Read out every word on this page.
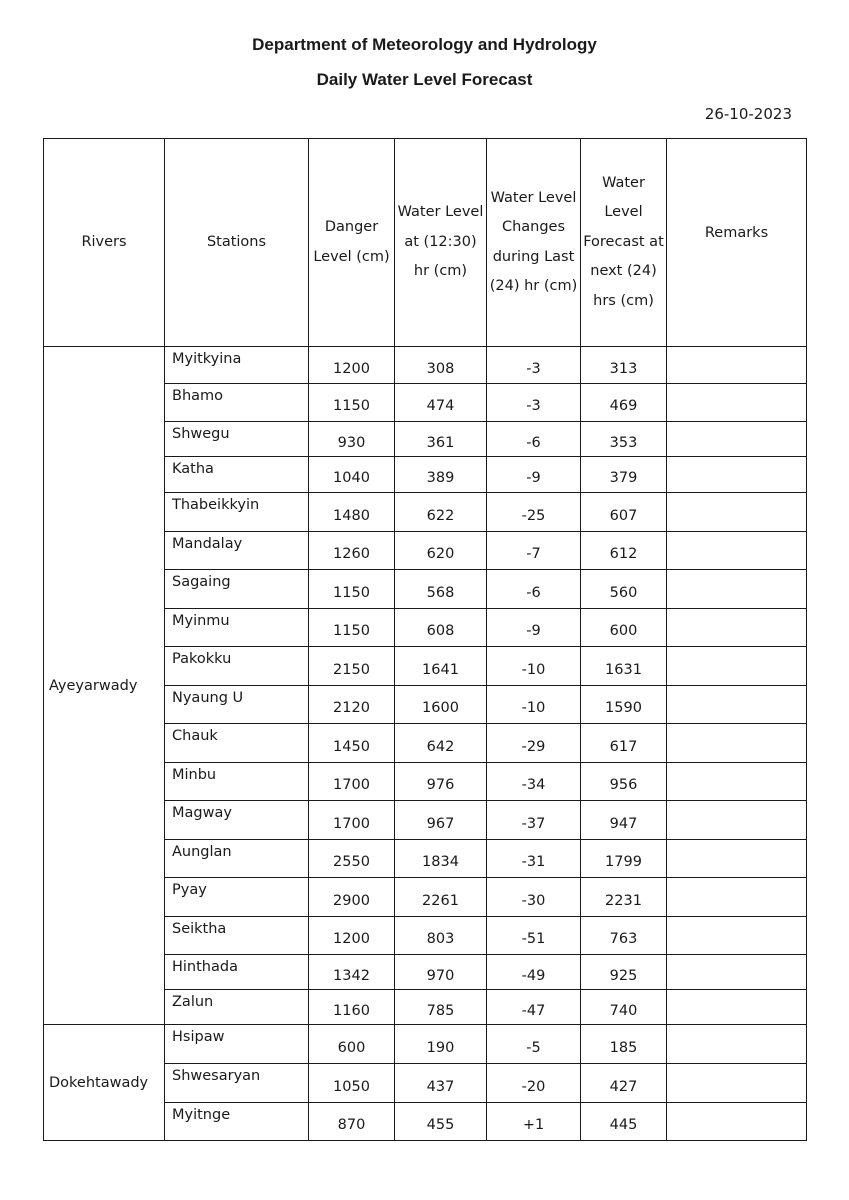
Department of Meteorology and Hydrology
Daily Water Level Forecast
26-10-2023
Rivers	Stations	Danger Level (cm)	Water Level at (12:30) hr (cm)	Water Level Changes during Last (24) hr (cm)	Water Level Forecast at next (24) hrs (cm)	Remarks
Ayeyarwady	Myitkyina	1200	308	-3	313	
	Bhamo	1150	474	-3	469	
	Shwegu	930	361	-6	353	
	Katha	1040	389	-9	379	
	Thabeikkyin	1480	622	-25	607	
	Mandalay	1260	620	-7	612	
	Sagaing	1150	568	-6	560	
	Myinmu	1150	608	-9	600	
	Pakokku	2150	1641	-10	1631	
	Nyaung U	2120	1600	-10	1590	
	Chauk	1450	642	-29	617	
	Minbu	1700	976	-34	956	
	Magway	1700	967	-37	947	
	Aunglan	2550	1834	-31	1799	
	Pyay	2900	2261	-30	2231	
	Seiktha	1200	803	-51	763	
	Hinthada	1342	970	-49	925	
	Zalun	1160	785	-47	740	
Dokehtawady	Hsipaw	600	190	-5	185	
	Shwesaryan	1050	437	-20	427	
	Myitnge	870	455	+1	445	
